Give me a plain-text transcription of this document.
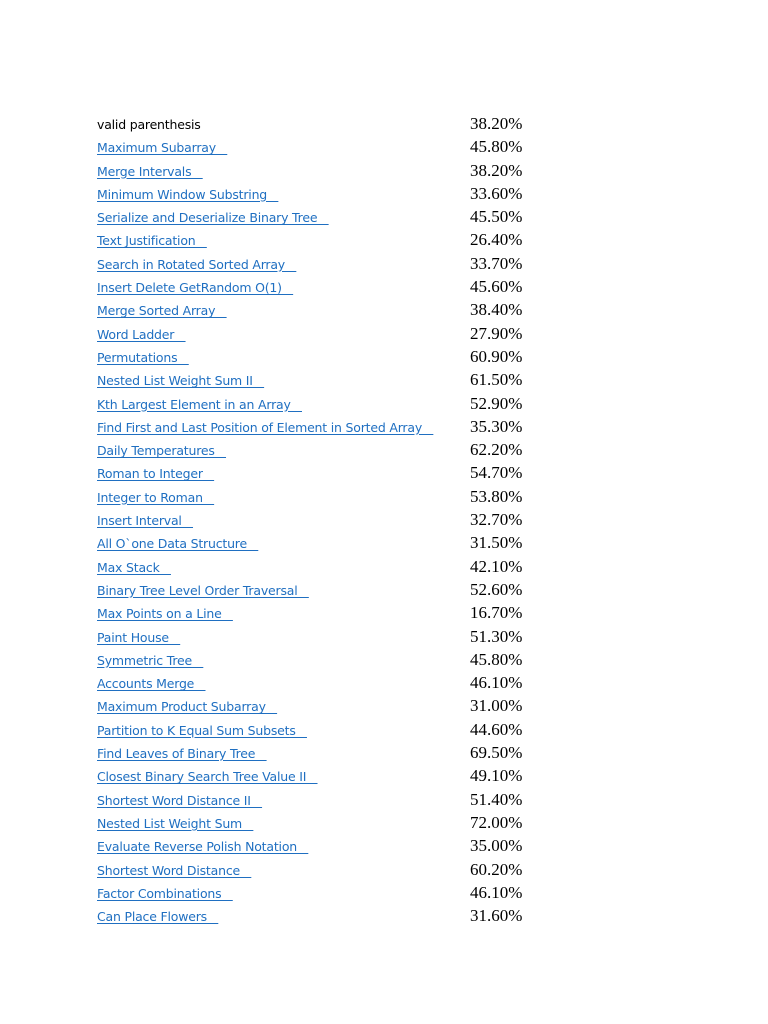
valid parenthesis	38.20%
Maximum Subarray	45.80%
Merge Intervals	38.20%
Minimum Window Substring	33.60%
Serialize and Deserialize Binary Tree	45.50%
Text Justification	26.40%
Search in Rotated Sorted Array	33.70%
Insert Delete GetRandom O(1)	45.60%
Merge Sorted Array	38.40%
Word Ladder	27.90%
Permutations	60.90%
Nested List Weight Sum II	61.50%
Kth Largest Element in an Array	52.90%
Find First and Last Position of Element in Sorted Array 35.30%
Daily Temperatures	62.20%
Roman to Integer	54.70%
Integer to Roman	53.80%
Insert Interval	32.70%
All O`one Data Structure	31.50%
Max Stack	42.10%
Binary Tree Level Order Traversal	52.60%
Max Points on a Line	16.70%
Paint House	51.30%
Symmetric Tree	45.80%
Accounts Merge	46.10%
Maximum Product Subarray	31.00%
Partition to K Equal Sum Subsets	44.60%
Find Leaves of Binary Tree	69.50%
Closest Binary Search Tree Value II	49.10%
Shortest Word Distance II	51.40%
Nested List Weight Sum	72.00%
Evaluate Reverse Polish Notation	35.00%
Shortest Word Distance	60.20%
Factor Combinations	46.10%
Can Place Flowers	31.60%
